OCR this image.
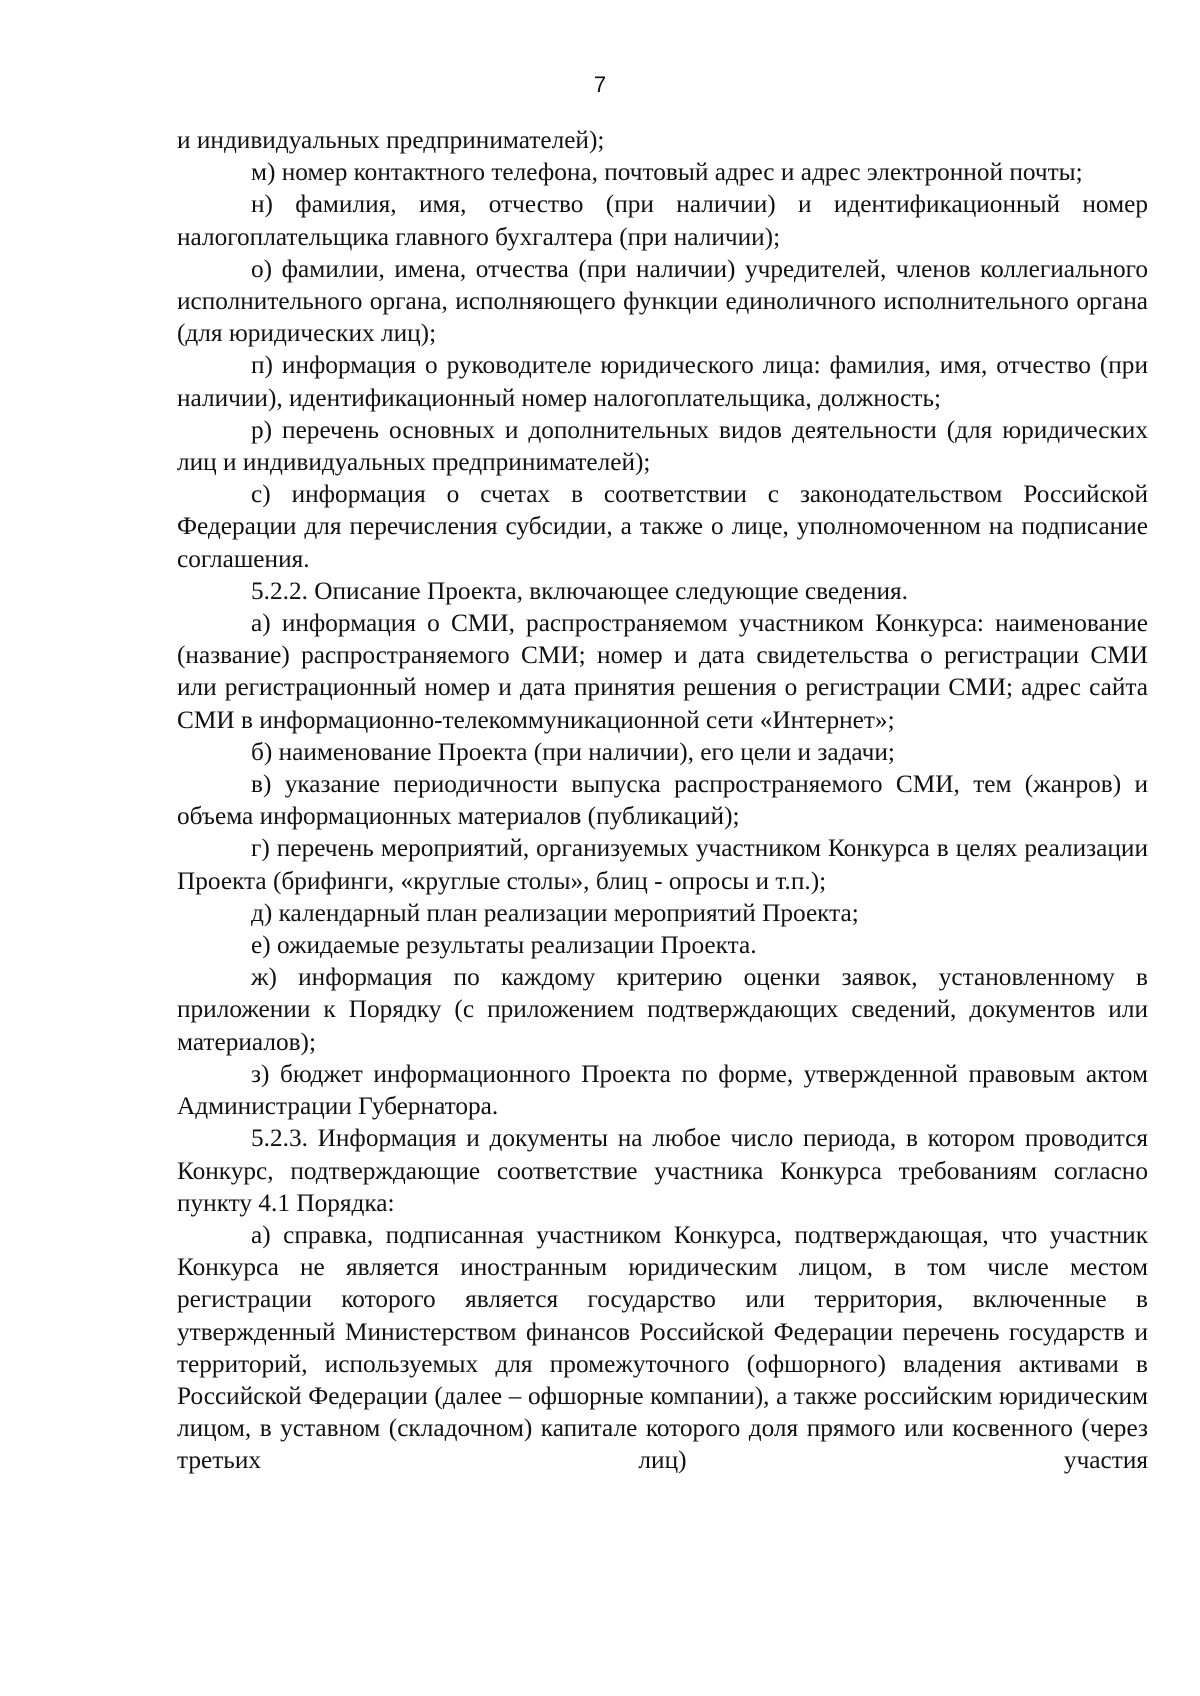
7

и индивидуальных предпринимателей);

м) номер контактного телефона, почтовый адрес и адрес электронной почты;

н) фамилия, имя, отчество (при наличии) и идентификационный номер налогоплательщика главного бухгалтера (при наличии);

о) фамилии, имена, отчества (при наличии) учредителей, членов коллегиального исполнительного органа, исполняющего функции единоличного исполнительного органа (для юридических лиц);

п) информация о руководителе юридического лица: фамилия, имя, отчество (при наличии), идентификационный номер налогоплательщика, должность;

р) перечень основных и дополнительных видов деятельности (для юридических лиц и индивидуальных предпринимателей);

с) информация о счетах в соответствии с законодательством Российской Федерации для перечисления субсидии, а также о лице, уполномоченном на подписание соглашения.

5.2.2. Описание Проекта, включающее следующие сведения.

а) информация о СМИ, распространяемом участником Конкурса: наименование (название) распространяемого СМИ; номер и дата свидетельства о регистрации СМИ или регистрационный номер и дата принятия решения о регистрации СМИ; адрес сайта СМИ в информационно-телекоммуникационной сети «Интернет»;

б) наименование Проекта (при наличии), его цели и задачи;

в) указание периодичности выпуска распространяемого СМИ, тем (жанров) и объема информационных материалов (публикаций);

г) перечень мероприятий, организуемых участником Конкурса в целях реализации Проекта (брифинги, «круглые столы», блиц - опросы и т.п.);

д) календарный план реализации мероприятий Проекта;

е) ожидаемые результаты реализации Проекта.

ж) информация по каждому критерию оценки заявок, установленному в приложении к Порядку (с приложением подтверждающих сведений, документов или материалов);

з) бюджет информационного Проекта по форме, утвержденной правовым актом Администрации Губернатора.

5.2.3. Информация и документы на любое число периода, в котором проводится Конкурс, подтверждающие соответствие участника Конкурса требованиям согласно пункту 4.1 Порядка:

а) справка, подписанная участником Конкурса, подтверждающая, что участник Конкурса не является иностранным юридическим лицом, в том числе местом регистрации которого является государство или территория, включенные в утвержденный Министерством финансов Российской Федерации перечень государств и территорий, используемых для промежуточного (офшорного) владения активами в Российской Федерации (далее – офшорные компании), а также российским юридическим лицом, в уставном (складочном) капитале которого доля прямого или косвенного (через третьих лиц) участия
